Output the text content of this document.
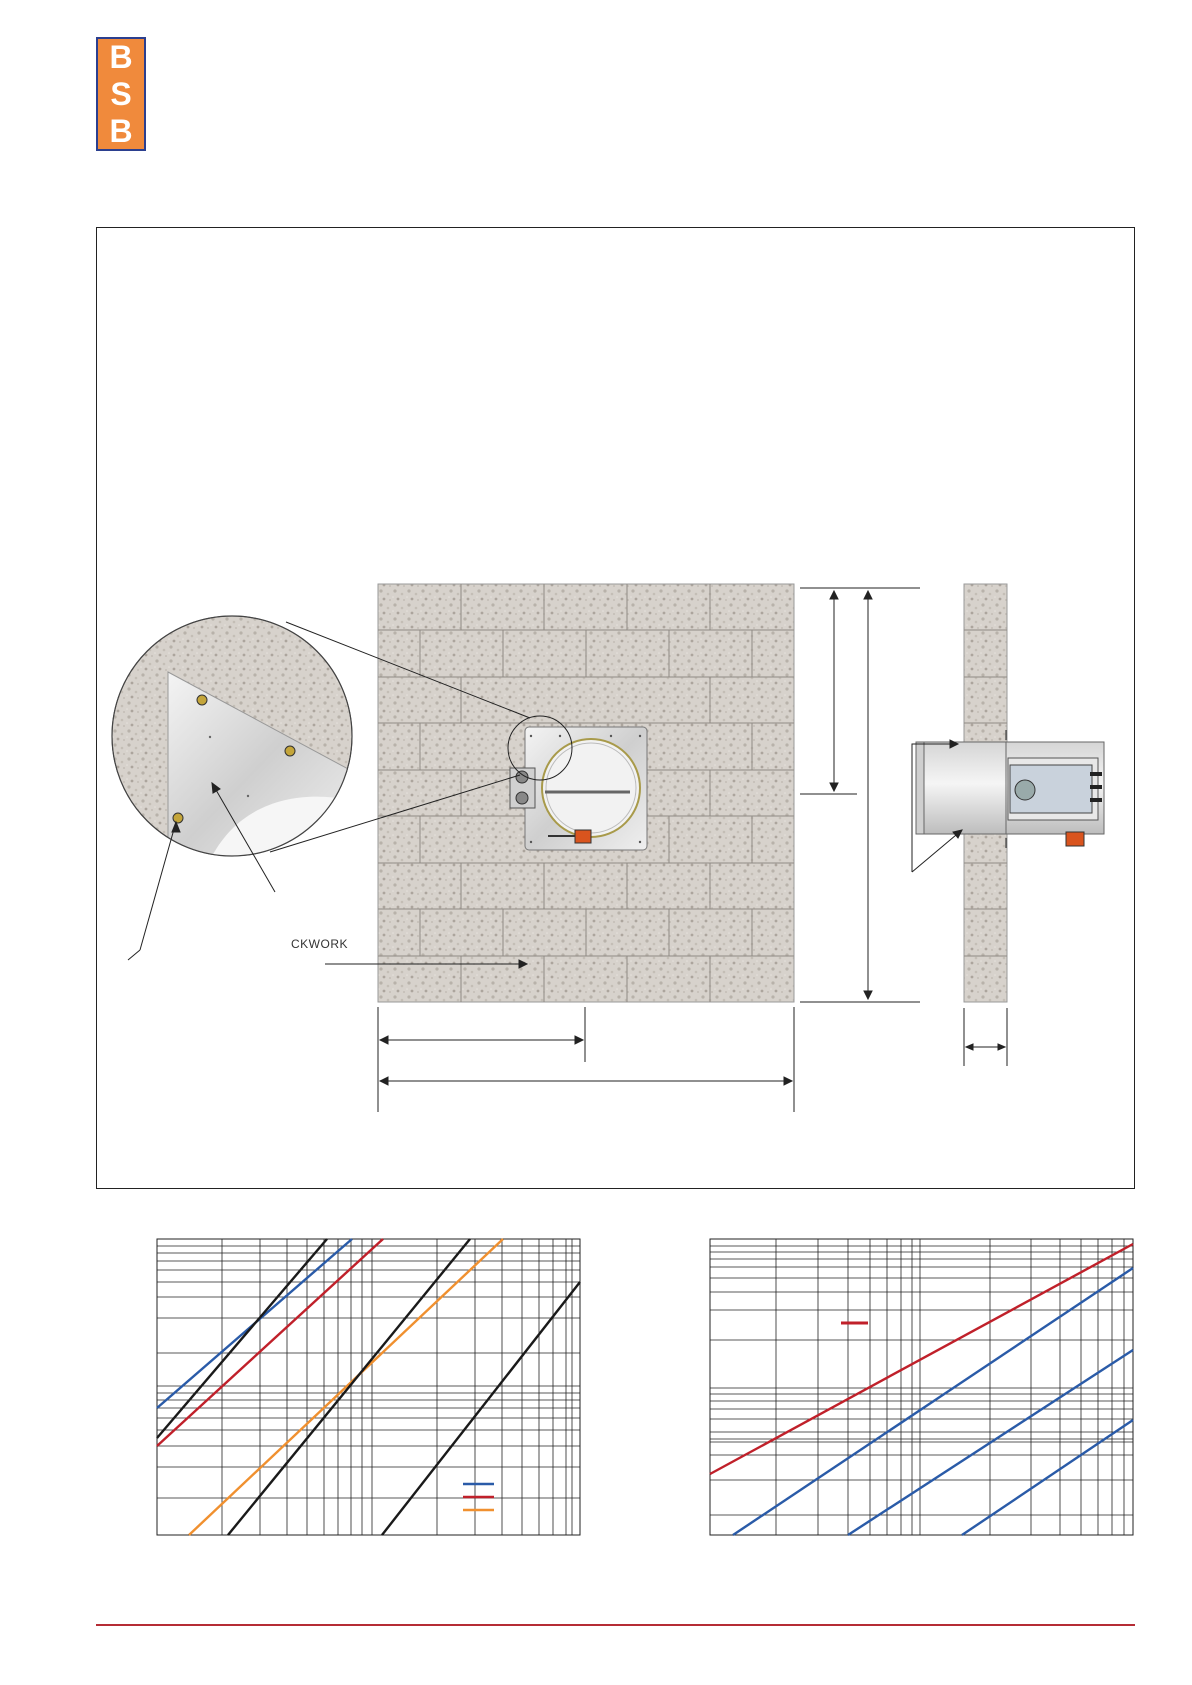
B
S
B
CKWORK
